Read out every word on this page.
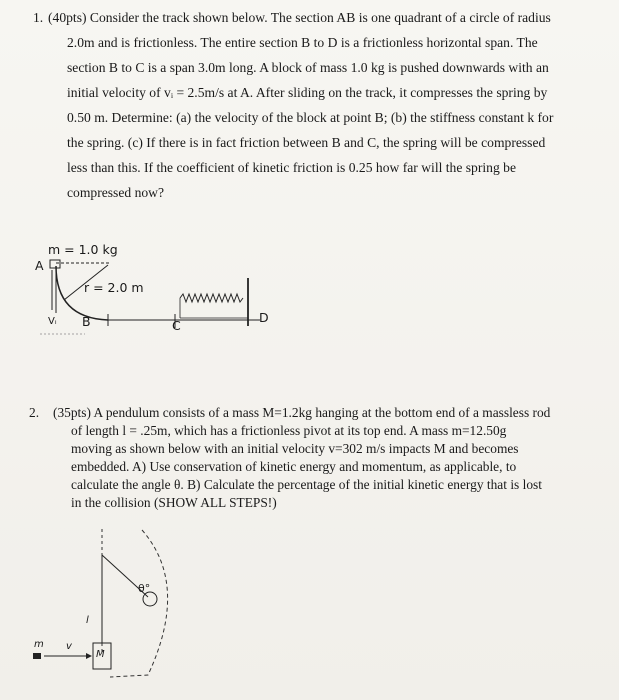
1. (40pts) Consider the track shown below. The section AB is one quadrant of a circle of radius
2.0m and is frictionless. The entire section B to D is a frictionless horizontal span. The
section B to C is a span 3.0m long. A block of mass 1.0 kg is pushed downwards with an
initial velocity of vᵢ = 2.5m/s at A. After sliding on the track, it compresses the spring by
0.50 m. Determine: (a) the velocity of the block at point B; (b) the stiffness constant k for
the spring. (c) If there is in fact friction between B and C, the spring will be compressed
less than this. If the coefficient of kinetic friction is 0.25 how far will the spring be
compressed now?
m = 1.0 kg
A
r = 2.0 m
Vᵢ B	C
D
2. (35pts) A pendulum consists of a mass M=1.2kg hanging at the bottom end of a massless rod
of length l = .25m, which has a frictionless pivot at its top end. A mass m=12.50g
moving as shown below with an initial velocity v=302 m/s impacts M and becomes
embedded. A) Use conservation of kinetic energy and momentum, as applicable, to
calculate the angle θ. B) Calculate the percentage of the initial kinetic energy that is lost
in the collision (SHOW ALL STEPS!)
θ°
l
M
m v
